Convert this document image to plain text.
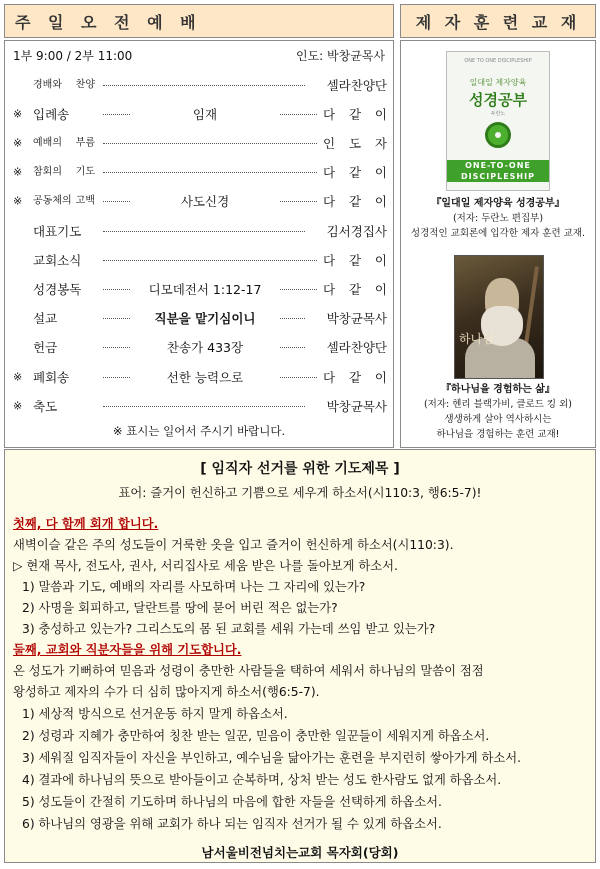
주 일 오 전 예 배	제 자 훈 련 교 재
1부 9:00 / 2부 11:00	인도: 박창균목사
경배와 찬양	셀라찬양단
※ 입례송	임재	다 같 이
※ 예배의 부름	인 도 자
※ 참회의 기도	다 같 이
※ 공동체의 고백	사도신경	다 같 이
대표기도	김서경집사
교회소식	다 같 이
성경봉독	디모데전서 1:12-17	다 같 이
설교	직분을 맡기심이니	박창균목사
헌금	찬송가 433장	셀라찬양단
※ 폐회송	선한 능력으로	다 같 이
※ 축도	박창균목사
※ 표시는 일어서 주시기 바랍니다.
ONE TO ONE DISCIPLESHIP
일대일 제자양육
성경공부
두란노
ONE-TO-ONE DISCIPLESHIP
『일대일 제자양육 성경공부』
(저자: 두란노 편집부)
성경적인 교회론에 입각한 제자 훈련 교재.
하나님
『하나님을 경험하는 삶』
(저자: 헨리 블랙가비, 클로드 킹 외)
생생하게 살아 역사하시는
하나님을 경험하는 훈련 교재!
[ 임직자 선거를 위한 기도제목 ]
표어: 즐거이 헌신하고 기쁨으로 세우게 하소서(시110:3, 행6:5-7)!
첫째, 다 함께 회개 합니다.
새벽이슬 같은 주의 성도들이 거룩한 옷을 입고 즐거이 헌신하게 하소서(시110:3).
▷ 현재 목사, 전도사, 권사, 서리집사로 세움 받은 나를 돌아보게 하소서.
1) 말씀과 기도, 예배의 자리를 사모하며 나는 그 자리에 있는가?
2) 사명을 회피하고, 달란트를 땅에 묻어 버린 적은 없는가?
3) 충성하고 있는가? 그리스도의 몸 된 교회를 세워 가는데 쓰임 받고 있는가?
둘째, 교회와 직분자들을 위해 기도합니다.
온 성도가 기뻐하여 믿음과 성령이 충만한 사람들을 택하여 세워서 하나님의 말씀이 점점
왕성하고 제자의 수가 더 심히 많아지게 하소서(행6:5-7).
1) 세상적 방식으로 선거운동 하지 말게 하옵소서.
2) 성령과 지혜가 충만하여 칭찬 받는 일꾼, 믿음이 충만한 일꾼들이 세워지게 하옵소서.
3) 세워질 임직자들이 자신을 부인하고, 예수님을 닮아가는 훈련을 부지런히 쌓아가게 하소서.
4) 결과에 하나님의 뜻으로 받아들이고 순복하며, 상처 받는 성도 한사람도 없게 하옵소서.
5) 성도들이 간절히 기도하며 하나님의 마음에 합한 자들을 선택하게 하옵소서.
6) 하나님의 영광을 위해 교회가 하나 되는 임직자 선거가 될 수 있게 하옵소서.
남서울비전넘치는교회 목자회(당회)
